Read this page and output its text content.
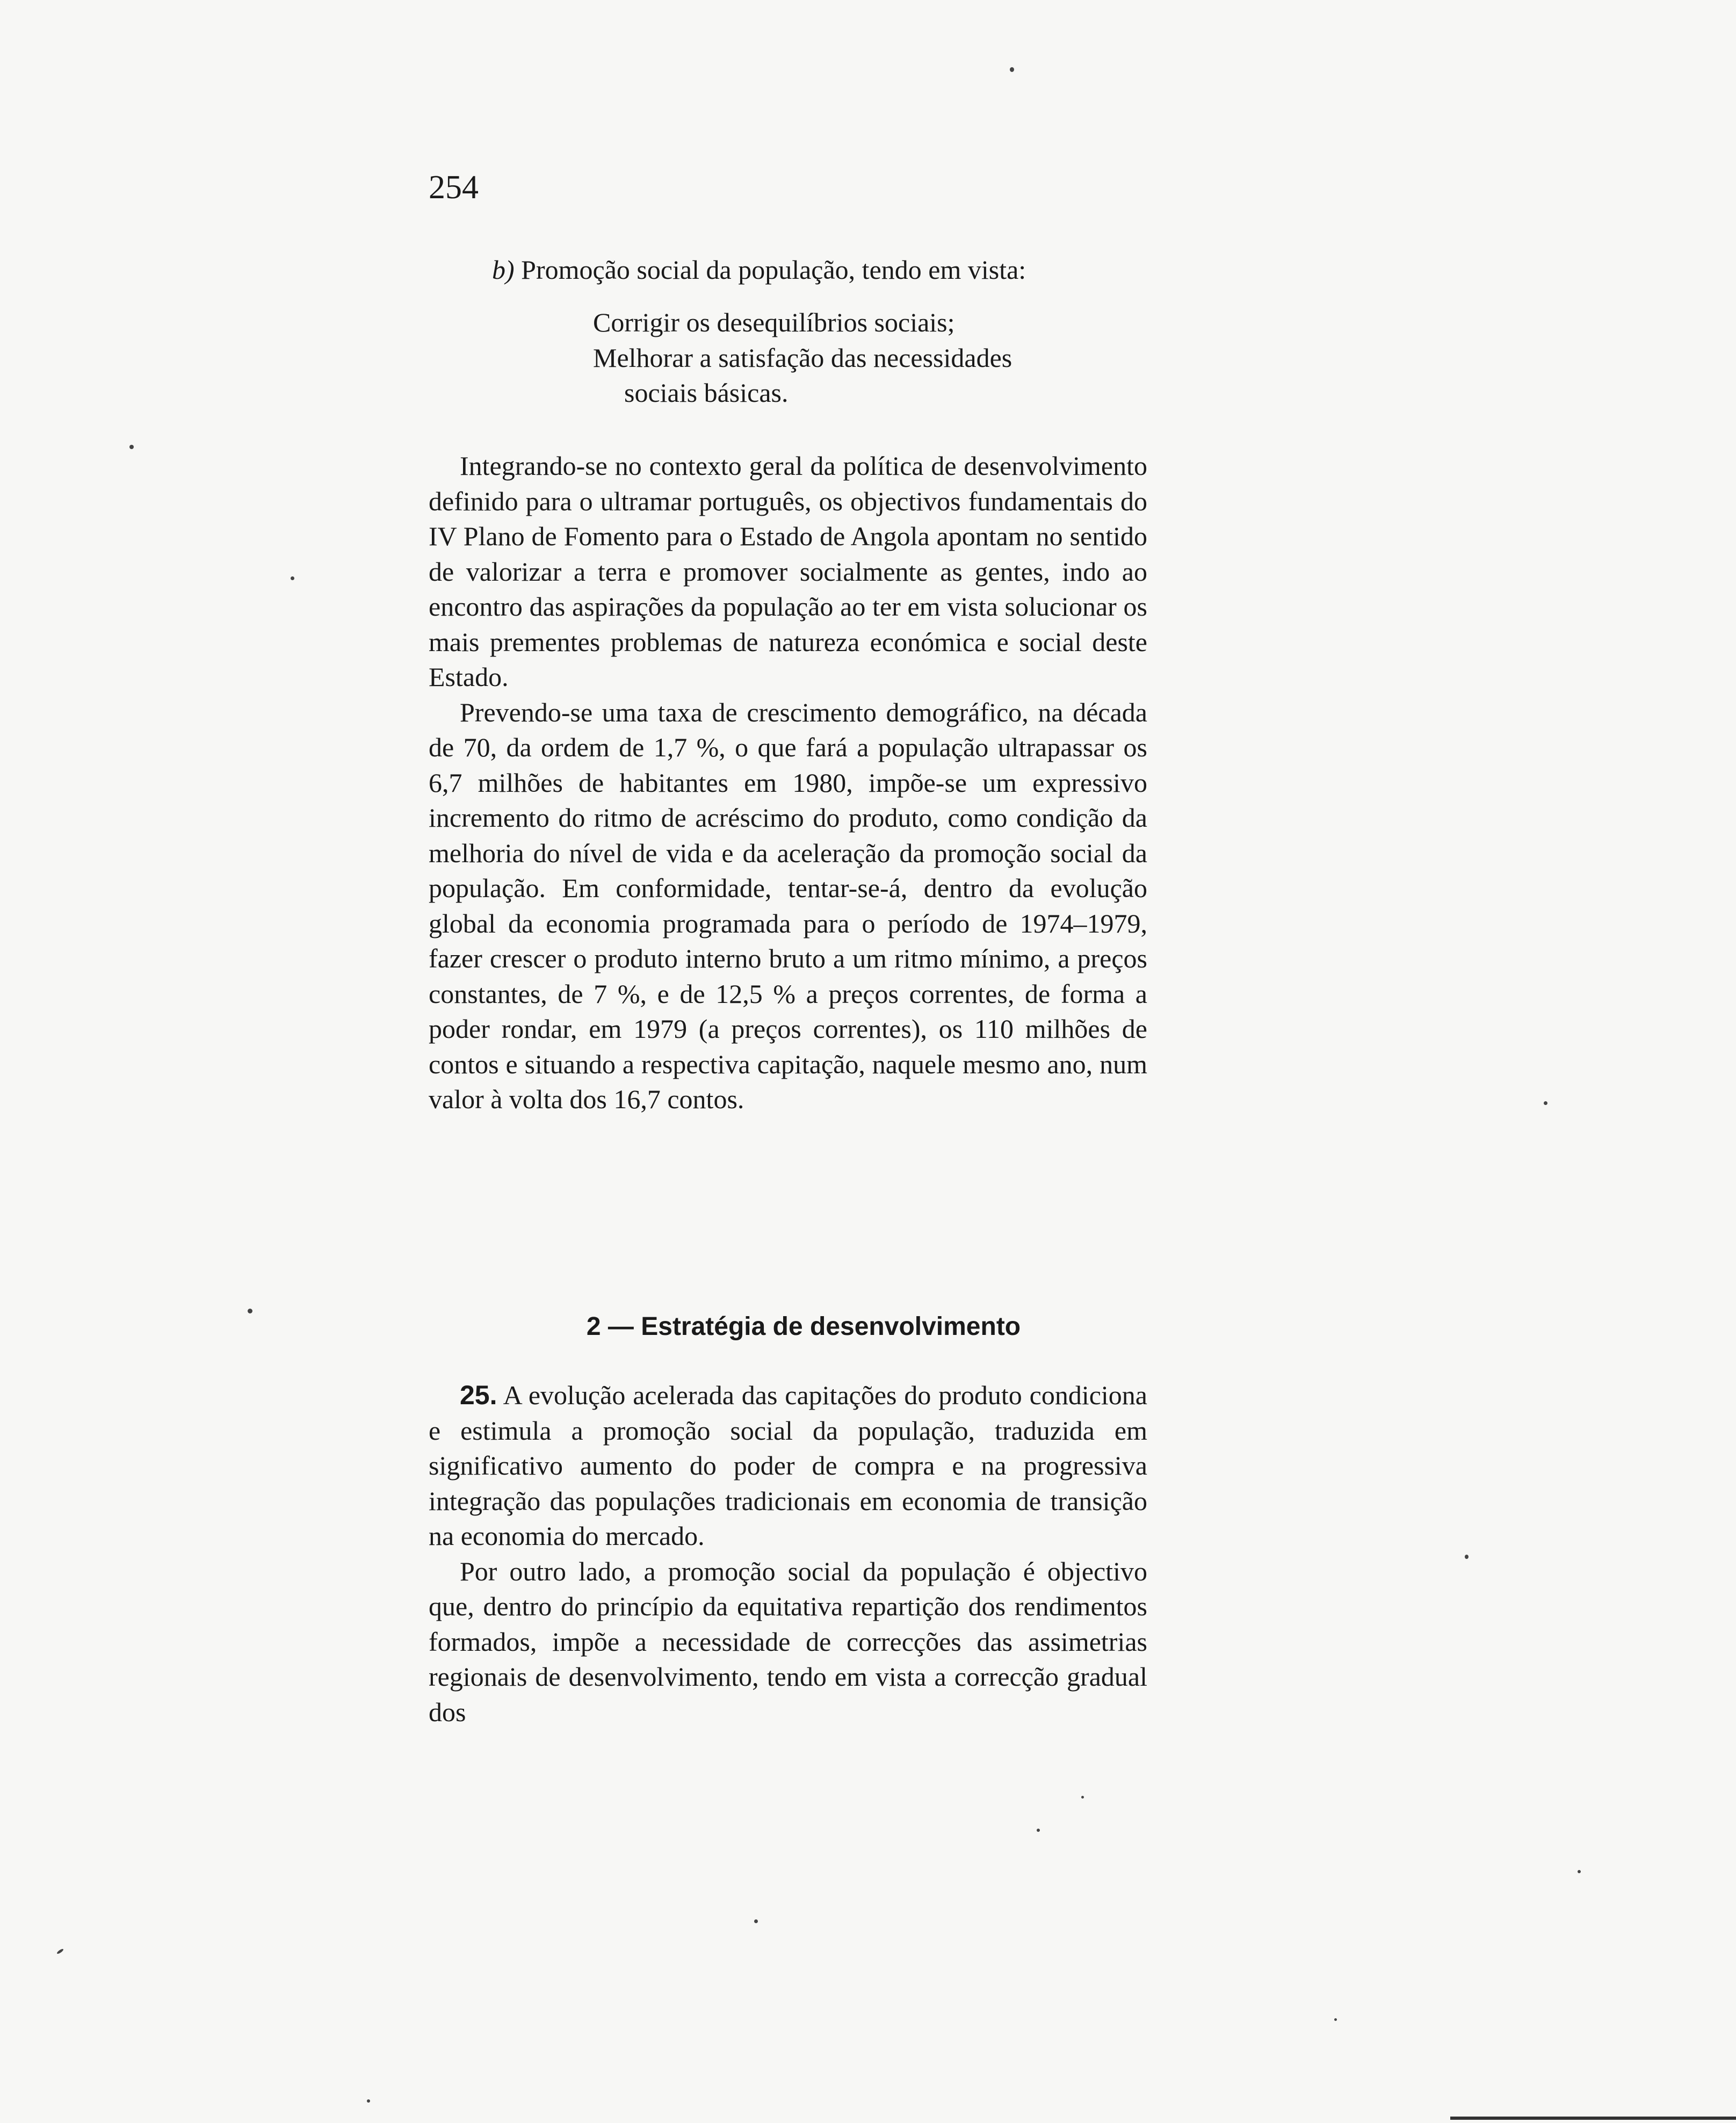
254

b) Promoção social da população, tendo em vista:

Corrigir os desequilíbrios sociais;
Melhorar a satisfação das necessidades
sociais básicas.

Integrando-se no contexto geral da política de desenvolvimento definido para o ultramar português, os objectivos fundamentais do IV Plano de Fomento para o Estado de Angola apontam no sentido de valorizar a terra e promover socialmente as gentes, indo ao encontro das aspirações da população ao ter em vista solucionar os mais prementes problemas de natureza económica e social deste Estado.

Prevendo-se uma taxa de crescimento demográfico, na década de 70, da ordem de 1,7 %, o que fará a população ultrapassar os 6,7 milhões de habitantes em 1980, impõe-se um expressivo incremento do ritmo de acréscimo do produto, como condição da melhoria do nível de vida e da aceleração da promoção social da população. Em conformidade, tentar-se-á, dentro da evolução global da economia programada para o período de 1974–1979, fazer crescer o produto interno bruto a um ritmo mínimo, a preços constantes, de 7 %, e de 12,5 % a preços correntes, de forma a poder rondar, em 1979 (a preços correntes), os 110 milhões de contos e situando a respectiva capitação, naquele mesmo ano, num valor à volta dos 16,7 contos.

2 — Estratégia de desenvolvimento

25. A evolução acelerada das capitações do produto condiciona e estimula a promoção social da população, traduzida em significativo aumento do poder de compra e na progressiva integração das populações tradicionais em economia de transição na economia do mercado.

Por outro lado, a promoção social da população é objectivo que, dentro do princípio da equitativa repartição dos rendimentos formados, impõe a necessidade de correcções das assimetrias regionais de desenvolvimento, tendo em vista a correcção gradual dos
